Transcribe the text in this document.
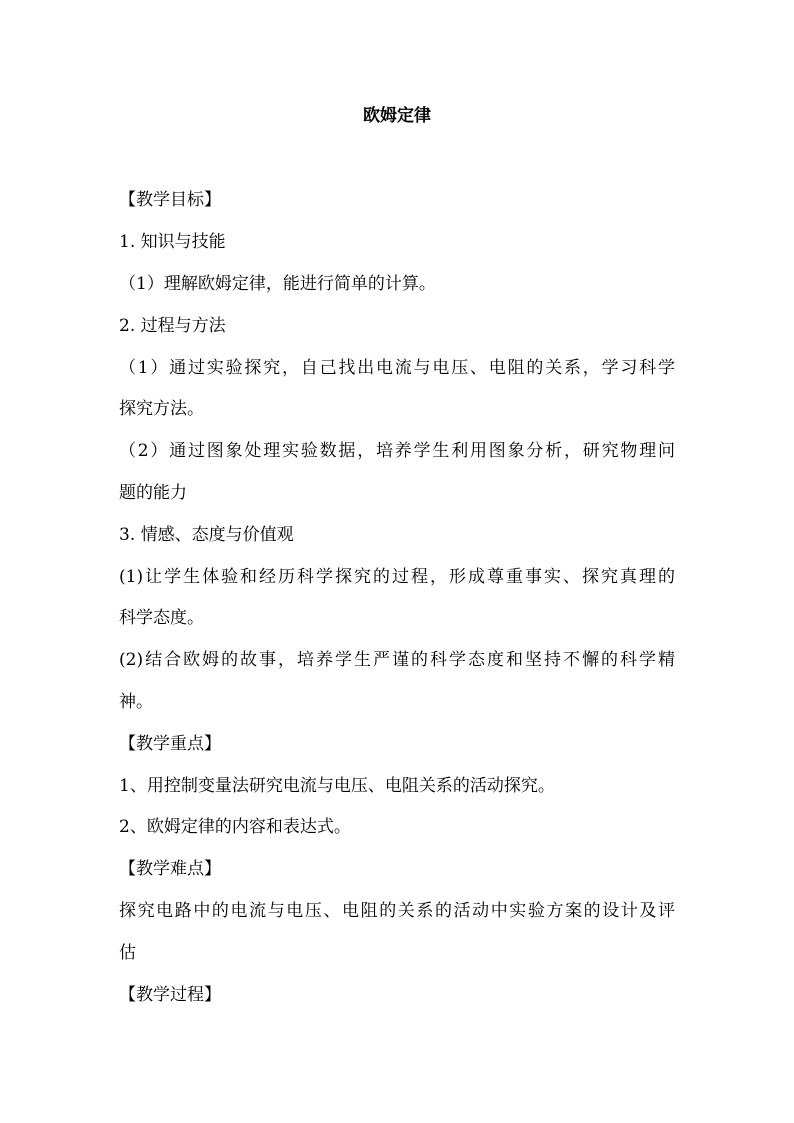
欧姆定律
【教学目标】
1. 知识与技能
（1）理解欧姆定律，能进行简单的计算。
2. 过程与方法
（1）通过实验探究，自己找出电流与电压、电阻的关系，学习科学
探究方法。
（2）通过图象处理实验数据，培养学生利用图象分析，研究物理问
题的能力
3. 情感、态度与价值观
(1)让学生体验和经历科学探究的过程，形成尊重事实、探究真理的
科学态度。
(2)结合欧姆的故事，培养学生严谨的科学态度和坚持不懈的科学精
神。
【教学重点】
1、用控制变量法研究电流与电压、电阻关系的活动探究。
2、欧姆定律的内容和表达式。
【教学难点】
探究电路中的电流与电压、电阻的关系的活动中实验方案的设计及评
估
【教学过程】
